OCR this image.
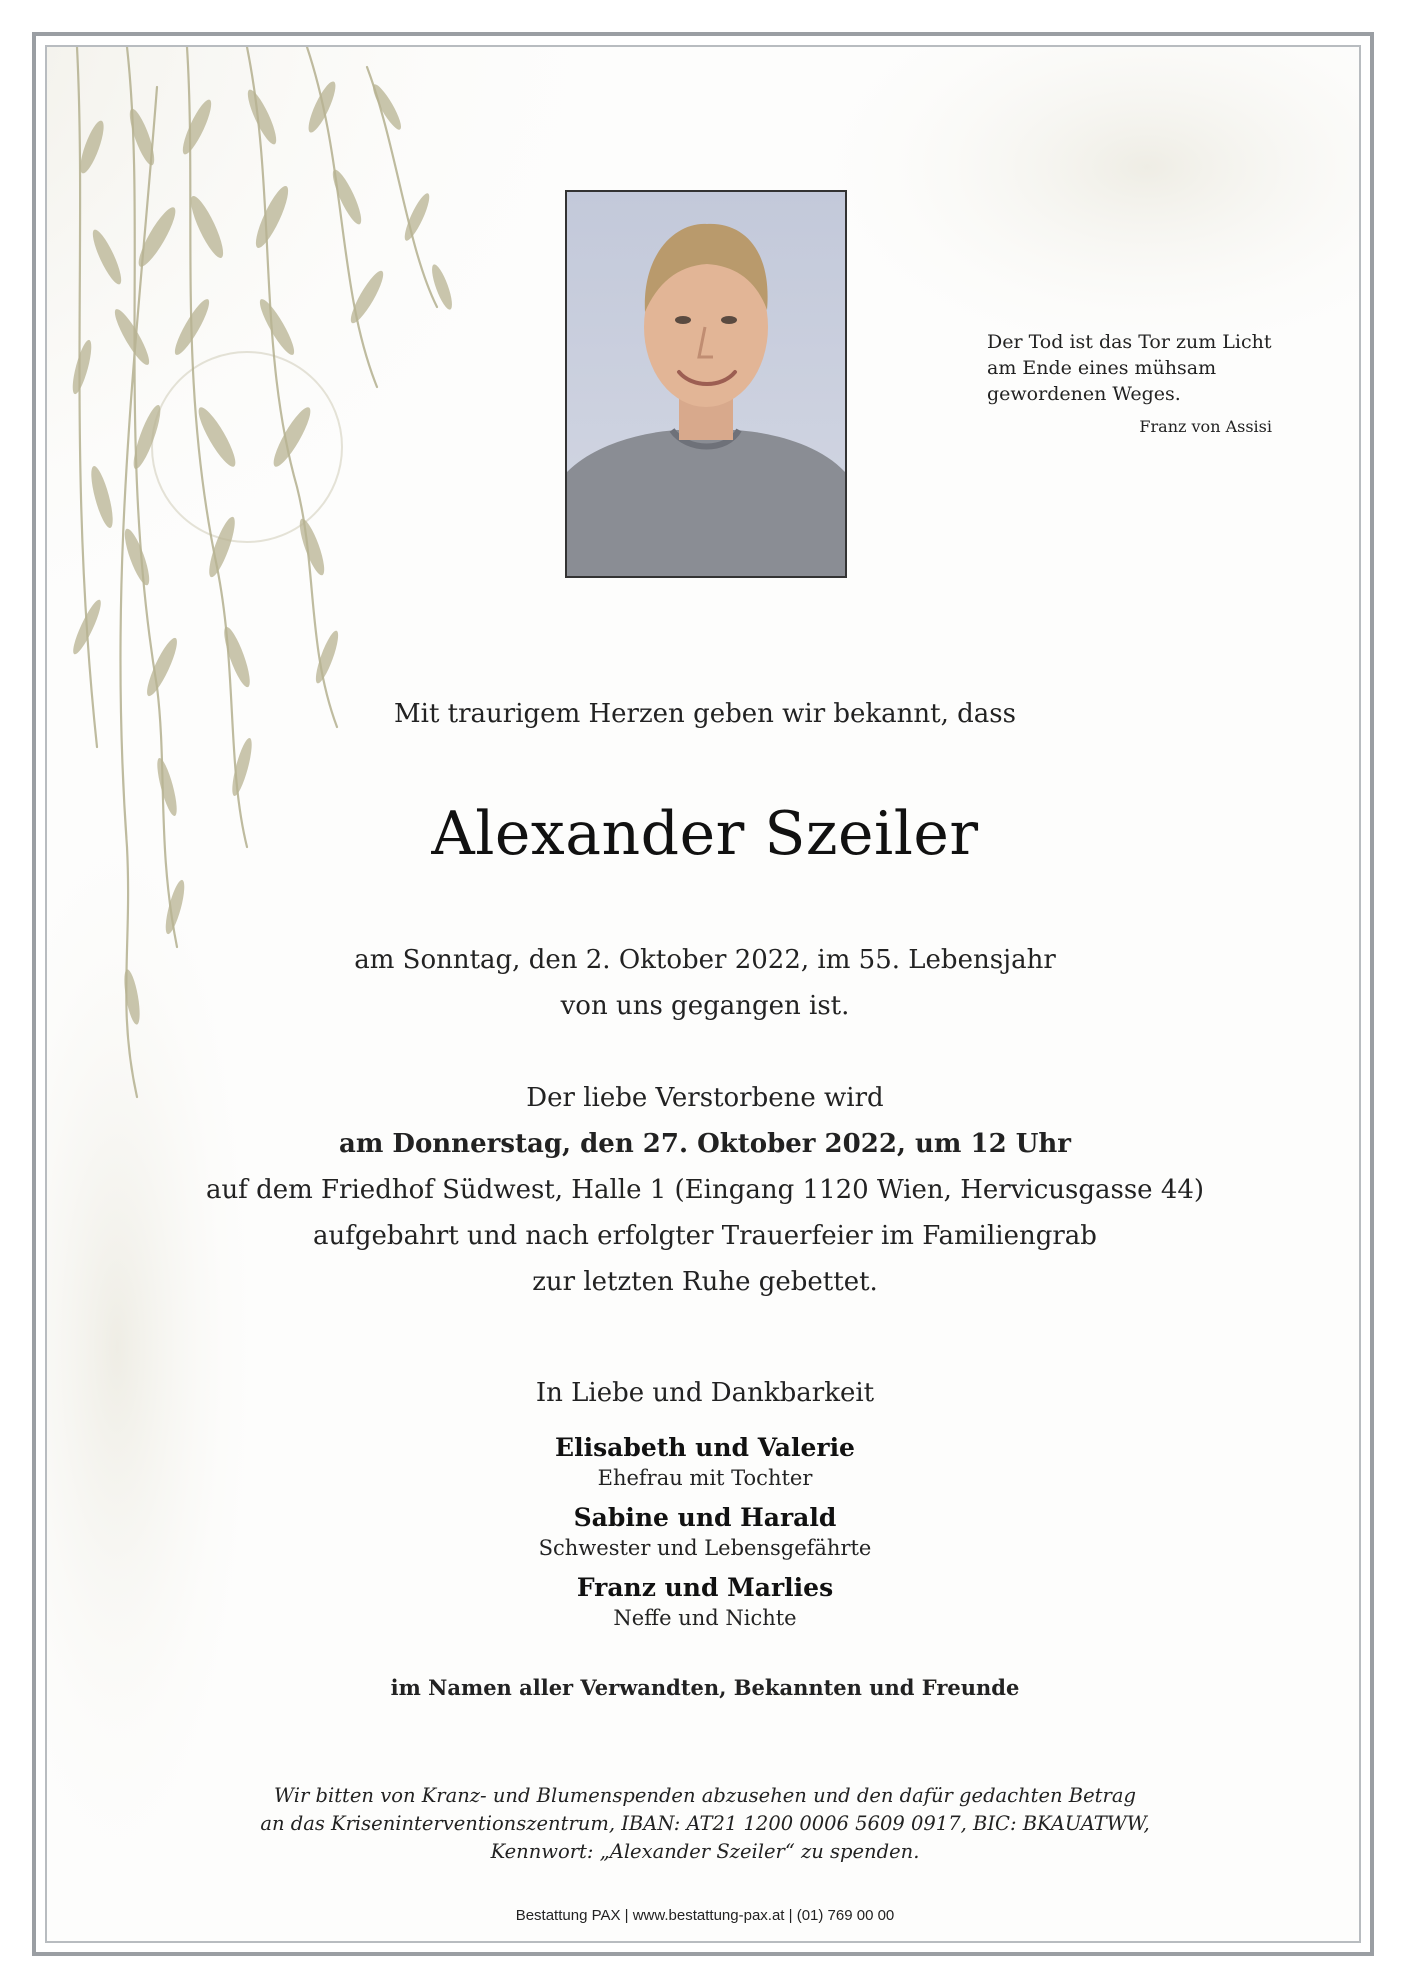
Der Tod ist das Tor zum Licht
am Ende eines mühsam
gewordenen Weges.
Franz von Assisi
Mit traurigem Herzen geben wir bekannt, dass
Alexander Szeiler
am Sonntag, den 2. Oktober 2022, im 55. Lebensjahr
von uns gegangen ist.
Der liebe Verstorbene wird
am Donnerstag, den 27. Oktober 2022, um 12 Uhr
auf dem Friedhof Südwest, Halle 1 (Eingang 1120 Wien, Hervicusgasse 44)
aufgebahrt und nach erfolgter Trauerfeier im Familiengrab
zur letzten Ruhe gebettet.
In Liebe und Dankbarkeit
Elisabeth und Valerie
Ehefrau mit Tochter
Sabine und Harald
Schwester und Lebensgefährte
Franz und Marlies
Neffe und Nichte
im Namen aller Verwandten, Bekannten und Freunde
Wir bitten von Kranz- und Blumenspenden abzusehen und den dafür gedachten Betrag
an das Kriseninterventionszentrum, IBAN: AT21 1200 0006 5609 0917, BIC: BKAUATWW,
Kennwort: „Alexander Szeiler“ zu spenden.
Bestattung PAX | www.bestattung-pax.at | (01) 769 00 00
